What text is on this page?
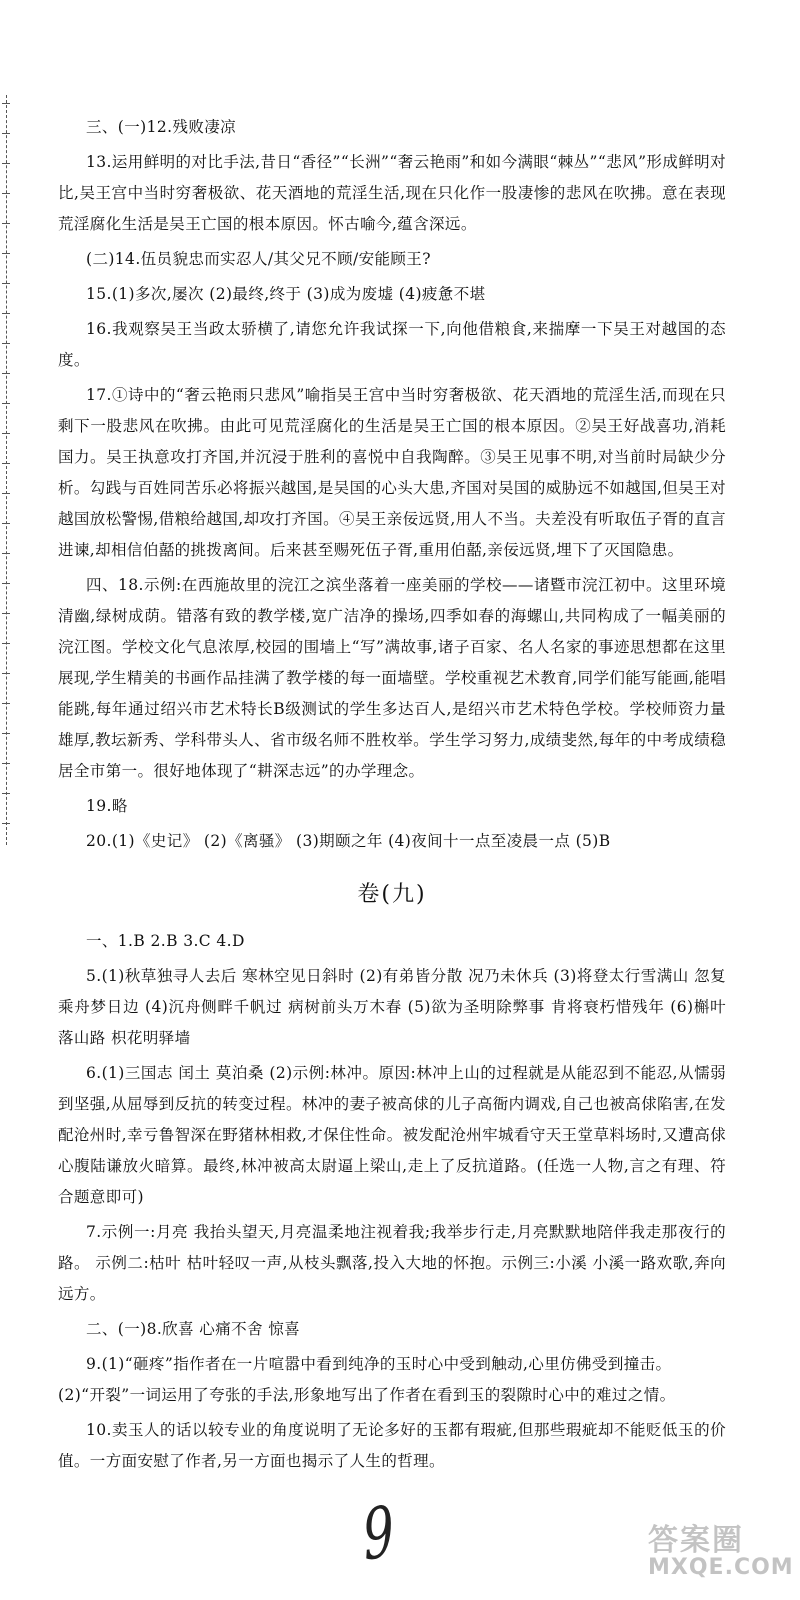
三、(一)12.残败凄凉

13.运用鲜明的对比手法,昔日“香径”“长洲”“奢云艳雨”和如今满眼“棘丛”“悲风”形成鲜明对比,吴王宫中当时穷奢极欲、花天酒地的荒淫生活,现在只化作一股凄惨的悲风在吹拂。意在表现荒淫腐化生活是吴王亡国的根本原因。怀古喻今,蕴含深远。

(二)14.伍员貌忠而实忍人/其父兄不顾/安能顾王?

15.(1)多次,屡次 (2)最终,终于 (3)成为废墟 (4)疲惫不堪

16.我观察吴王当政太骄横了,请您允许我试探一下,向他借粮食,来揣摩一下吴王对越国的态度。

17.①诗中的“奢云艳雨只悲风”喻指吴王宫中当时穷奢极欲、花天酒地的荒淫生活,而现在只剩下一股悲风在吹拂。由此可见荒淫腐化的生活是吴王亡国的根本原因。②吴王好战喜功,消耗国力。吴王执意攻打齐国,并沉浸于胜利的喜悦中自我陶醉。③吴王见事不明,对当前时局缺少分析。勾践与百姓同苦乐必将振兴越国,是吴国的心头大患,齐国对吴国的威胁远不如越国,但吴王对越国放松警惕,借粮给越国,却攻打齐国。④吴王亲佞远贤,用人不当。夫差没有听取伍子胥的直言进谏,却相信伯嚭的挑拨离间。后来甚至赐死伍子胥,重用伯嚭,亲佞远贤,埋下了灭国隐患。

四、18.示例:在西施故里的浣江之滨坐落着一座美丽的学校——诸暨市浣江初中。这里环境清幽,绿树成荫。错落有致的教学楼,宽广洁净的操场,四季如春的海螺山,共同构成了一幅美丽的浣江图。学校文化气息浓厚,校园的围墙上“写”满故事,诸子百家、名人名家的事迹思想都在这里展现,学生精美的书画作品挂满了教学楼的每一面墙壁。学校重视艺术教育,同学们能写能画,能唱能跳,每年通过绍兴市艺术特长B级测试的学生多达百人,是绍兴市艺术特色学校。学校师资力量雄厚,教坛新秀、学科带头人、省市级名师不胜枚举。学生学习努力,成绩斐然,每年的中考成绩稳居全市第一。很好地体现了“耕深志远”的办学理念。

19.略

20.(1)《史记》 (2)《离骚》 (3)期颐之年 (4)夜间十一点至凌晨一点 (5)B

卷(九)

一、1.B 2.B 3.C 4.D

5.(1)秋草独寻人去后 寒林空见日斜时 (2)有弟皆分散 况乃未休兵 (3)将登太行雪满山 忽复乘舟梦日边 (4)沉舟侧畔千帆过 病树前头万木春 (5)欲为圣明除弊事 肯将衰朽惜残年 (6)槲叶落山路 枳花明驿墙

6.(1)三国志 闰土 莫泊桑 (2)示例:林冲。原因:林冲上山的过程就是从能忍到不能忍,从懦弱到坚强,从屈辱到反抗的转变过程。林冲的妻子被高俅的儿子高衙内调戏,自己也被高俅陷害,在发配沧州时,幸亏鲁智深在野猪林相救,才保住性命。被发配沧州牢城看守天王堂草料场时,又遭高俅心腹陆谦放火暗算。最终,林冲被高太尉逼上梁山,走上了反抗道路。(任选一人物,言之有理、符合题意即可)

7.示例一:月亮 我抬头望天,月亮温柔地注视着我;我举步行走,月亮默默地陪伴我走那夜行的路。 示例二:枯叶 枯叶轻叹一声,从枝头飘落,投入大地的怀抱。示例三:小溪 小溪一路欢歌,奔向远方。

二、(一)8.欣喜 心痛不舍 惊喜

9.(1)“砸疼”指作者在一片喧嚣中看到纯净的玉时心中受到触动,心里仿佛受到撞击。

(2)“开裂”一词运用了夸张的手法,形象地写出了作者在看到玉的裂隙时心中的难过之情。

10.卖玉人的话以较专业的角度说明了无论多好的玉都有瑕疵,但那些瑕疵却不能贬低玉的价值。一方面安慰了作者,另一方面也揭示了人生的哲理。

9	答案圈
MXQE.COM
